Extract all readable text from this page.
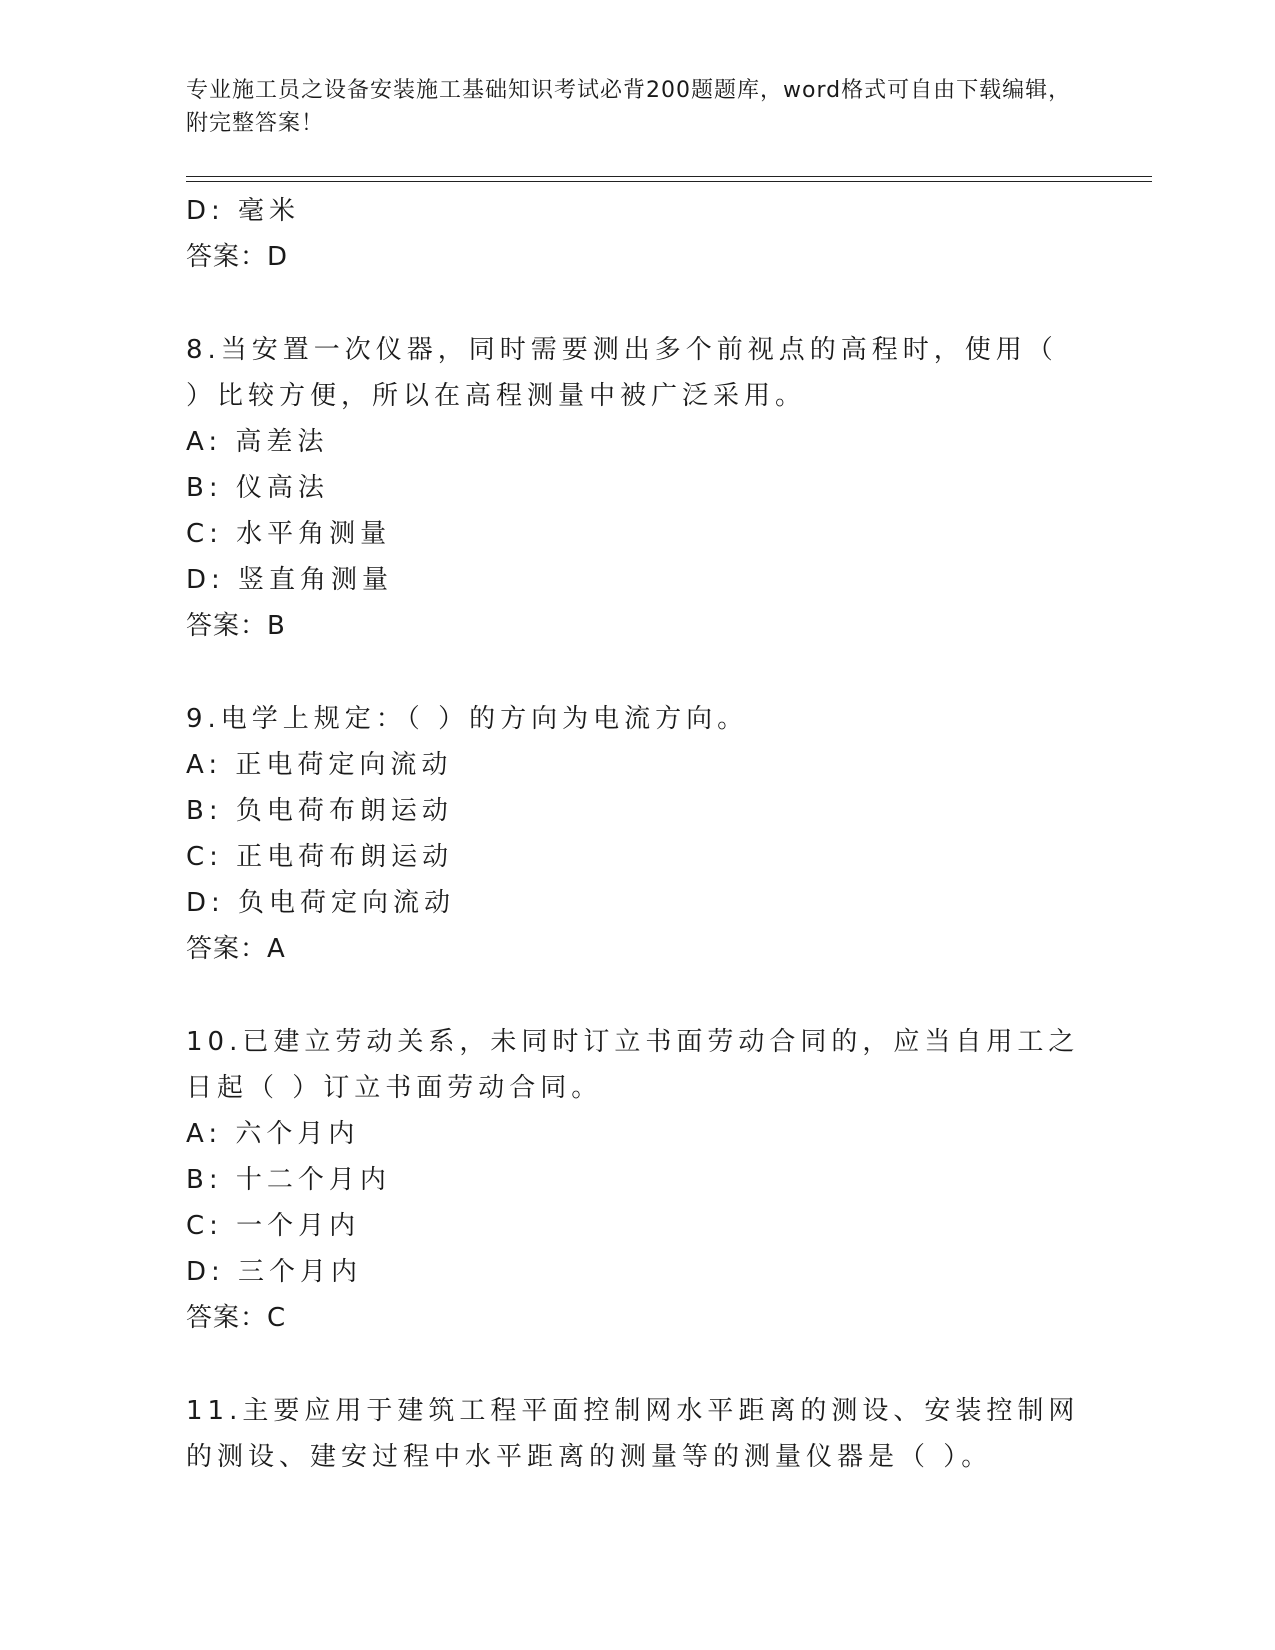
专业施工员之设备安装施工基础知识考试必背200题题库，word格式可自由下载编辑，附完整答案！
D: 毫米
答案：D
8.当安置一次仪器，同时需要测出多个前视点的高程时，使用（ ）比较方便，所以在高程测量中被广泛采用。
A: 高差法
B: 仪高法
C: 水平角测量
D: 竖直角测量
答案：B
9.电学上规定：（ ）的方向为电流方向。
A: 正电荷定向流动
B: 负电荷布朗运动
C: 正电荷布朗运动
D: 负电荷定向流动
答案：A
10.已建立劳动关系，未同时订立书面劳动合同的，应当自用工之日起（ ）订立书面劳动合同。
A: 六个月内
B: 十二个月内
C: 一个月内
D: 三个月内
答案：C
11.主要应用于建筑工程平面控制网水平距离的测设、安装控制网的测设、建安过程中水平距离的测量等的测量仪器是（ ）。
